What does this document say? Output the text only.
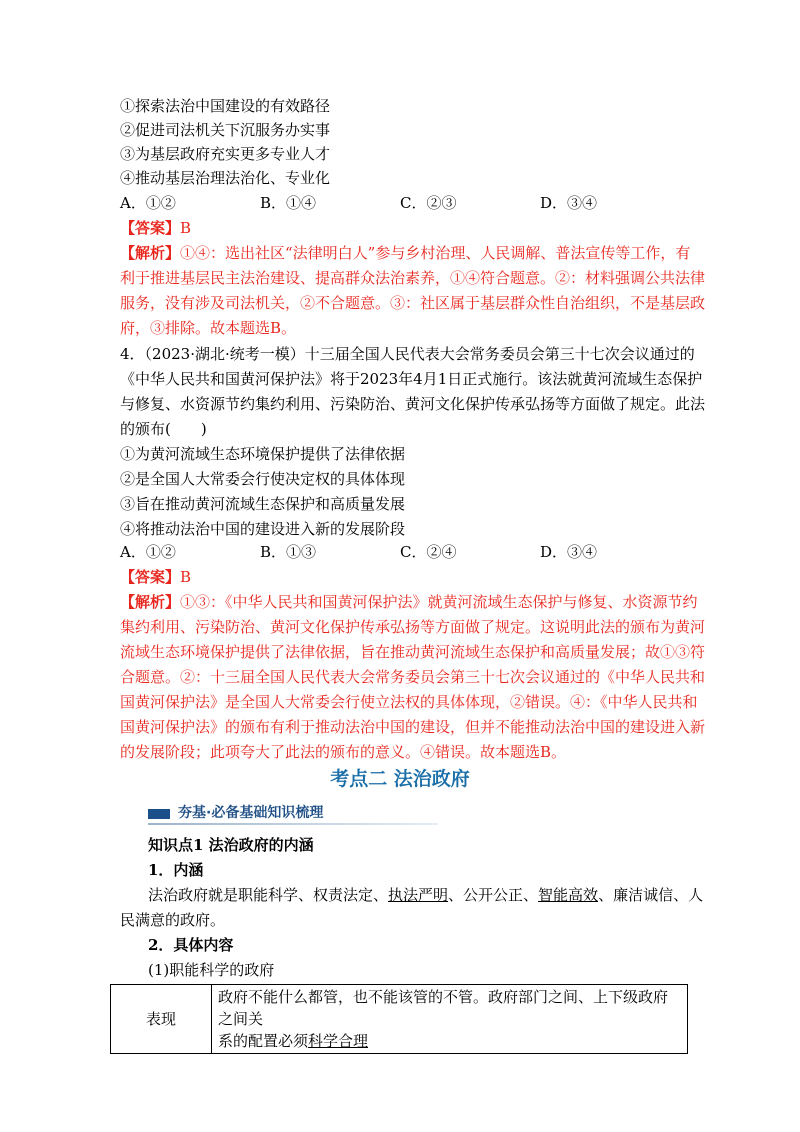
①探索法治中国建设的有效路径
②促进司法机关下沉服务办实事
③为基层政府充实更多专业人才
④推动基层治理法治化、专业化
A．①②	B．①④	C．②③	D．③④
【答案】B
【解析】①④：选出社区“法律明白人”参与乡村治理、人民调解、普法宣传等工作，有
利于推进基层民主法治建设、提高群众法治素养，①④符合题意。②：材料强调公共法律
服务，没有涉及司法机关，②不合题意。③：社区属于基层群众性自治组织，不是基层政
府，③排除。故本题选B。
4．（2023·湖北·统考一模）十三届全国人民代表大会常务委员会第三十七次会议通过的
《中华人民共和国黄河保护法》将于2023年4月1日正式施行。该法就黄河流域生态保护
与修复、水资源节约集约利用、污染防治、黄河文化保护传承弘扬等方面做了规定。此法
的颁布(　　)
①为黄河流域生态环境保护提供了法律依据
②是全国人大常委会行使决定权的具体体现
③旨在推动黄河流域生态保护和高质量发展
④将推动法治中国的建设进入新的发展阶段
A．①②	B．①③	C．②④	D．③④
【答案】B
【解析】①③：《中华人民共和国黄河保护法》就黄河流域生态保护与修复、水资源节约
集约利用、污染防治、黄河文化保护传承弘扬等方面做了规定。这说明此法的颁布为黄河
流域生态环境保护提供了法律依据，旨在推动黄河流域生态保护和高质量发展；故①③符
合题意。②：十三届全国人民代表大会常务委员会第三十七次会议通过的《中华人民共和
国黄河保护法》是全国人大常委会行使立法权的具体体现，②错误。④：《中华人民共和
国黄河保护法》的颁布有利于推动法治中国的建设，但并不能推动法治中国的建设进入新
的发展阶段；此项夸大了此法的颁布的意义。④错误。故本题选B。
考点二 法治政府
夯基·必备基础知识梳理
知识点1 法治政府的内涵
1．内涵
法治政府就是职能科学、权责法定、执法严明、公开公正、智能高效、廉洁诚信、人
民满意的政府。
2．具体内容
(1)职能科学的政府
表现	
政府不能什么都管，也不能该管的不管。政府部门之间、上下级政府之间关
系的配置必须科学合理
